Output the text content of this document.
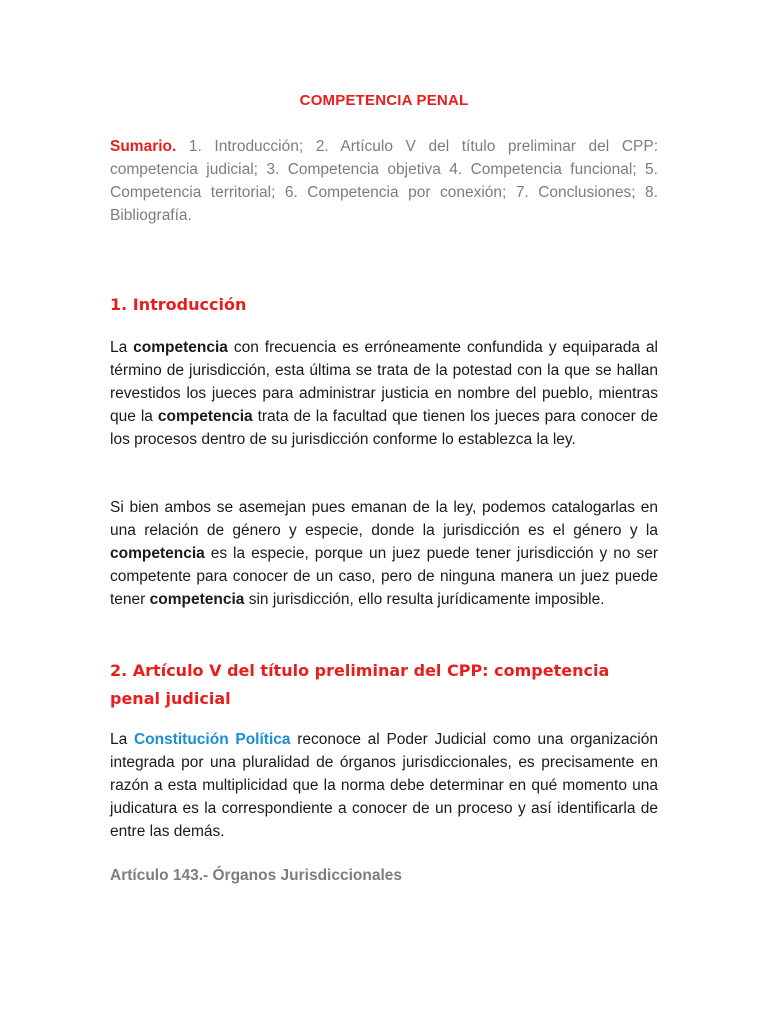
COMPETENCIA PENAL
Sumario. 1. Introducción; 2. Artículo V del título preliminar del CPP: competencia judicial; 3. Competencia objetiva 4. Competencia funcional; 5. Competencia territorial; 6. Competencia por conexión; 7. Conclusiones; 8. Bibliografía.
1. Introducción

La competencia con frecuencia es erróneamente confundida y equiparada al término de jurisdicción, esta última se trata de la potestad con la que se hallan revestidos los jueces para administrar justicia en nombre del pueblo, mientras que la competencia trata de la facultad que tienen los jueces para conocer de los procesos dentro de su jurisdicción conforme lo establezca la ley.

Si bien ambos se asemejan pues emanan de la ley, podemos catalogarlas en una relación de género y especie, donde la jurisdicción es el género y la competencia es la especie, porque un juez puede tener jurisdicción y no ser competente para conocer de un caso, pero de ninguna manera un juez puede tener competencia sin jurisdicción, ello resulta jurídicamente imposible.

2. Artículo V del título preliminar del CPP: competencia penal judicial

La Constitución Política reconoce al Poder Judicial como una organización integrada por una pluralidad de órganos jurisdiccionales, es precisamente en razón a esta multiplicidad que la norma debe determinar en qué momento una judicatura es la correspondiente a conocer de un proceso y así identificarla de entre las demás.

Artículo 143.- Órganos Jurisdiccionales
